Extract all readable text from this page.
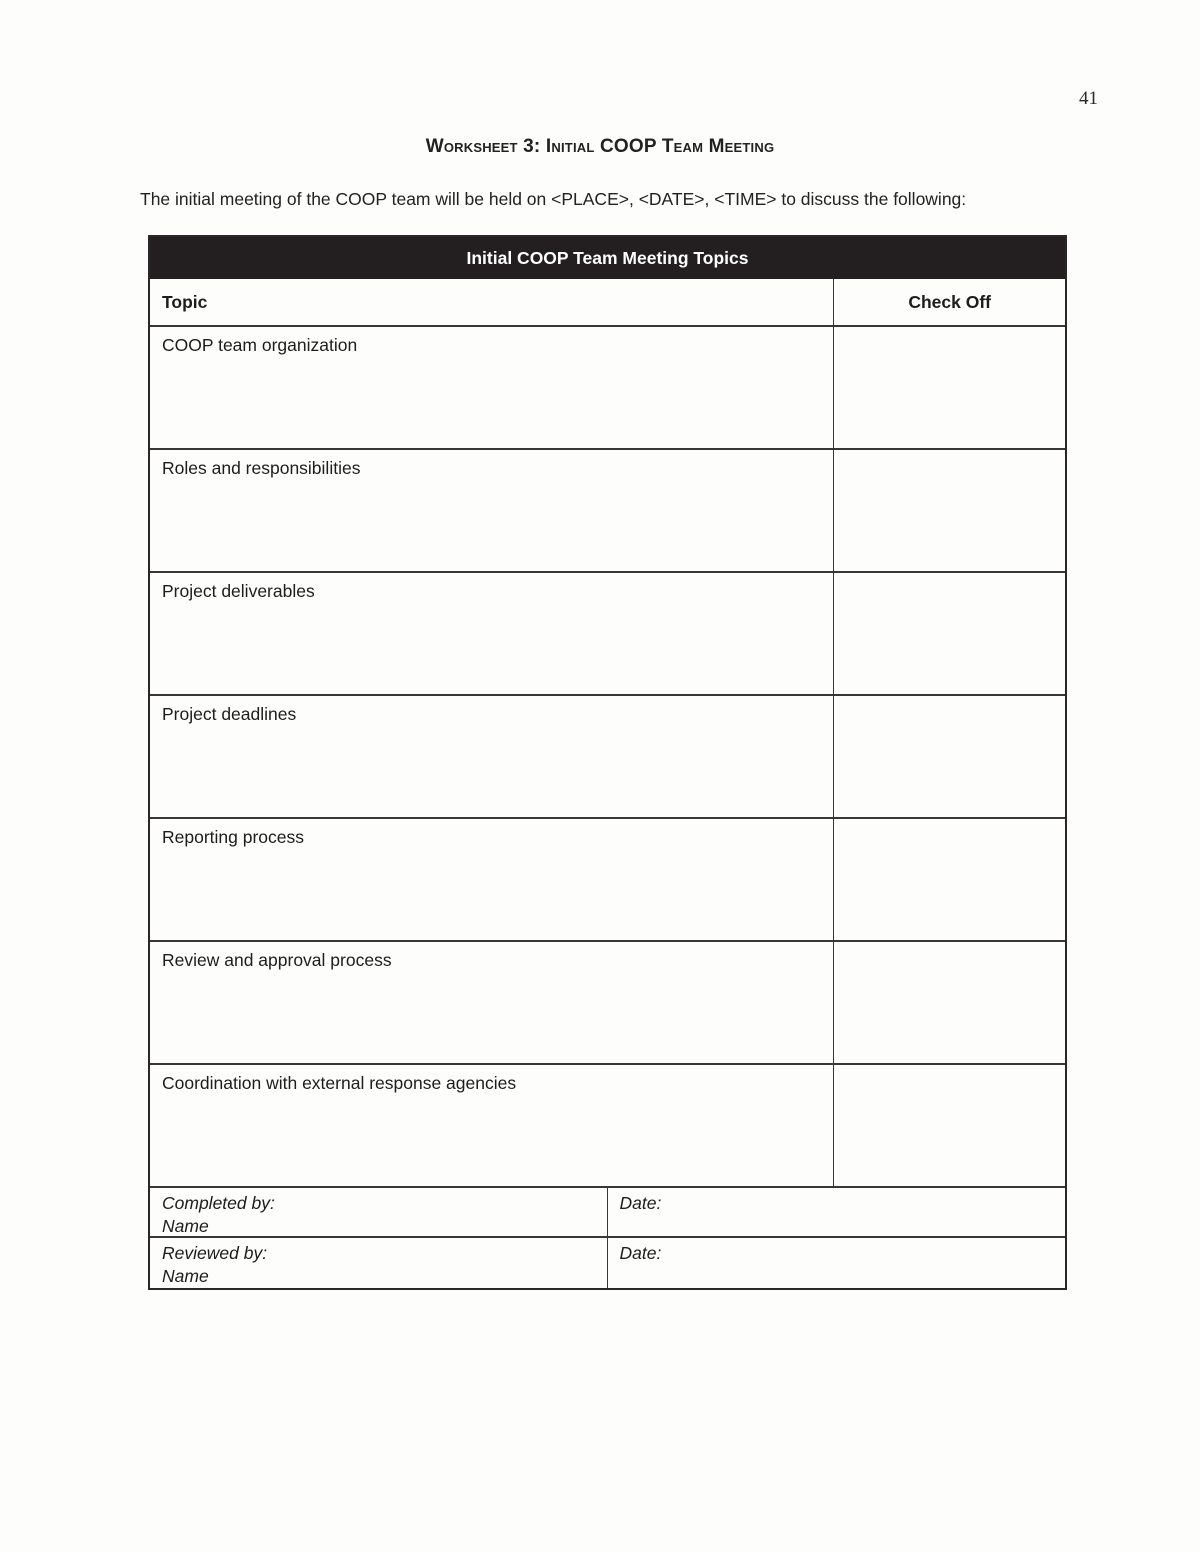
41
Worksheet 3: Initial COOP Team Meeting
The initial meeting of the COOP team will be held on <PLACE>, <DATE>, <TIME> to discuss the following:
Initial COOP Team Meeting Topics
Topic	Check Off
COOP team organization
Roles and responsibilities
Project deliverables
Project deadlines
Reporting process
Review and approval process
Coordination with external response agencies
Completed by:
Name
Date:
Reviewed by:
Name
Date:
